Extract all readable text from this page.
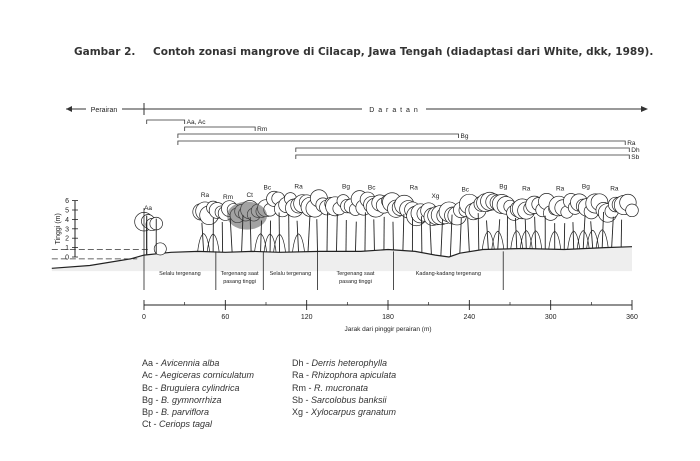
Gambar 2. Contoh zonasi mangrove di Cilacap, Jawa Tengah (diadaptasi dari White, dkk, 1989).
Perairan	D a r a t a n
Aa, Ac
Rm
Bg
Ra
Dh
Sb
0
1
2
3
4
5
6
Tinggi (m)
Aa
Ra Rm Ct
Bc	Ra	Bg	Bc	Ra
Xg
Bc	Bg Ra	Ra	Bg	Ra
Selalu tergenang	Tergenang saat
pasang tinggi
Selalu tergenang	Tergenang saat
pasang tinggi
Kadang-kadang tergenang
0	60	120	180	240	300	360
Jarak dari pinggir perairan (m)
Aa - Avicennia alba
Ac - Aegiceras corniculatum
Bc - Bruguiera cylindrica
Bg - B. gymnorrhiza
Bp - B. parviflora
Ct - Ceriops tagal
Dh - Derris heterophylla
Ra - Rhizophora apiculata
Rm - R. mucronata
Sb - Sarcolobus banksii
Xg - Xylocarpus granatum
